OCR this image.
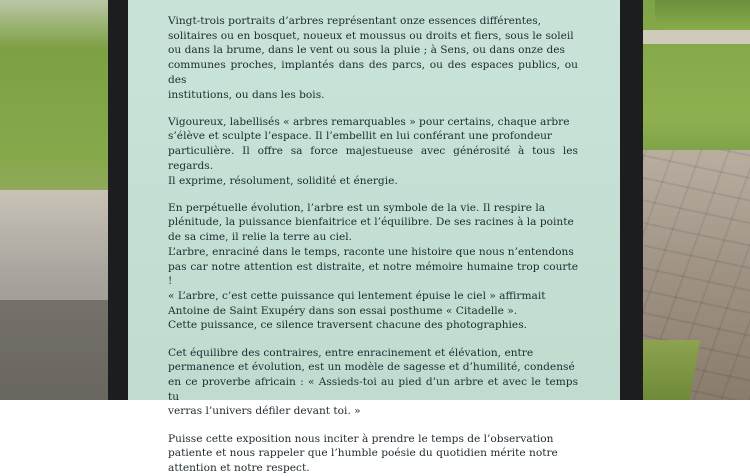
Vingt-trois portraits d’arbres représentant onze essences différentes,
solitaires ou en bosquet, noueux et moussus ou droits et fiers, sous le soleil
ou dans la brume, dans le vent ou sous la pluie ; à Sens, ou dans onze des
communes proches, implantés dans des parcs, ou des espaces publics, ou des
institutions, ou dans les bois.

Vigoureux, labellisés « arbres remarquables » pour certains, chaque arbre
s’élève et sculpte l’espace. Il l’embellit en lui conférant une profondeur
particulière. Il offre sa force majestueuse avec générosité à tous les regards.
Il exprime, résolument, solidité et énergie.

En perpétuelle évolution, l’arbre est un symbole de la vie. Il respire la
plénitude, la puissance bienfaitrice et l’équilibre. De ses racines à la pointe
de sa cime, il relie la terre au ciel.
L’arbre, enraciné dans le temps, raconte une histoire que nous n’entendons
pas car notre attention est distraite, et notre mémoire humaine trop courte !
« L’arbre, c’est cette puissance qui lentement épuise le ciel » affirmait
Antoine de Saint Exupéry dans son essai posthume « Citadelle ».
Cette puissance, ce silence traversent chacune des photographies.

Cet équilibre des contraires, entre enracinement et élévation, entre
permanence et évolution, est un modèle de sagesse et d’humilité, condensé
en ce proverbe africain : « Assieds-toi au pied d’un arbre et avec le temps tu
verras l’univers défiler devant toi. »

Puisse cette exposition nous inciter à prendre le temps de l’observation
patiente et nous rappeler que l’humble poésie du quotidien mérite notre
attention et notre respect.
